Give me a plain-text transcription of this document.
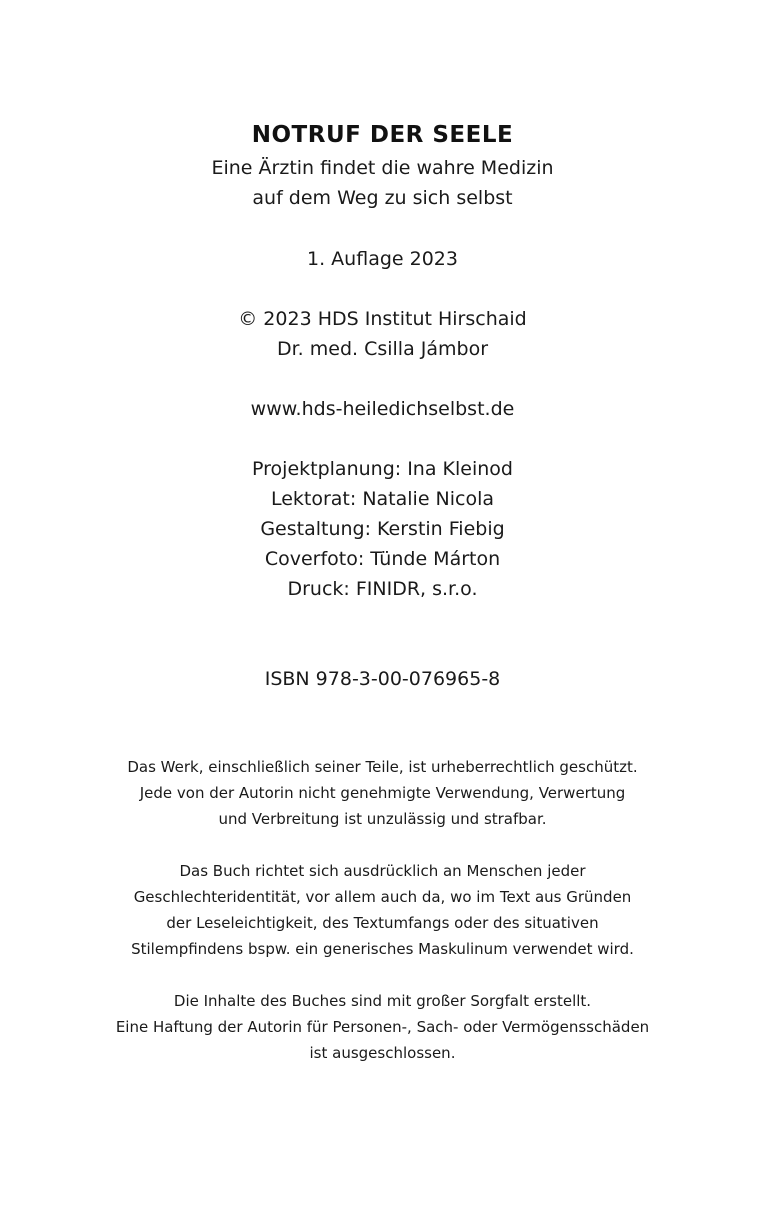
NOTRUF DER SEELE
Eine Ärztin findet die wahre Medizin
auf dem Weg zu sich selbst
1. Auflage 2023
© 2023 HDS Institut Hirschaid
Dr. med. Csilla Jámbor
www.hds-heiledichselbst.de
Projektplanung: Ina Kleinod
Lektorat: Natalie Nicola
Gestaltung: Kerstin Fiebig
Coverfoto: Tünde Márton
Druck: FINIDR, s.r.o.
ISBN 978-3-00-076965-8
Das Werk, einschließlich seiner Teile, ist urheberrechtlich geschützt.
Jede von der Autorin nicht genehmigte Verwendung, Verwertung
und Verbreitung ist unzulässig und strafbar.
Das Buch richtet sich ausdrücklich an Menschen jeder
Geschlechteridentität, vor allem auch da, wo im Text aus Gründen
der Leseleichtigkeit, des Textumfangs oder des situativen
Stilempfindens bspw. ein generisches Maskulinum verwendet wird.
Die Inhalte des Buches sind mit großer Sorgfalt erstellt.
Eine Haftung der Autorin für Personen-, Sach- oder Vermögensschäden
ist ausgeschlossen.
